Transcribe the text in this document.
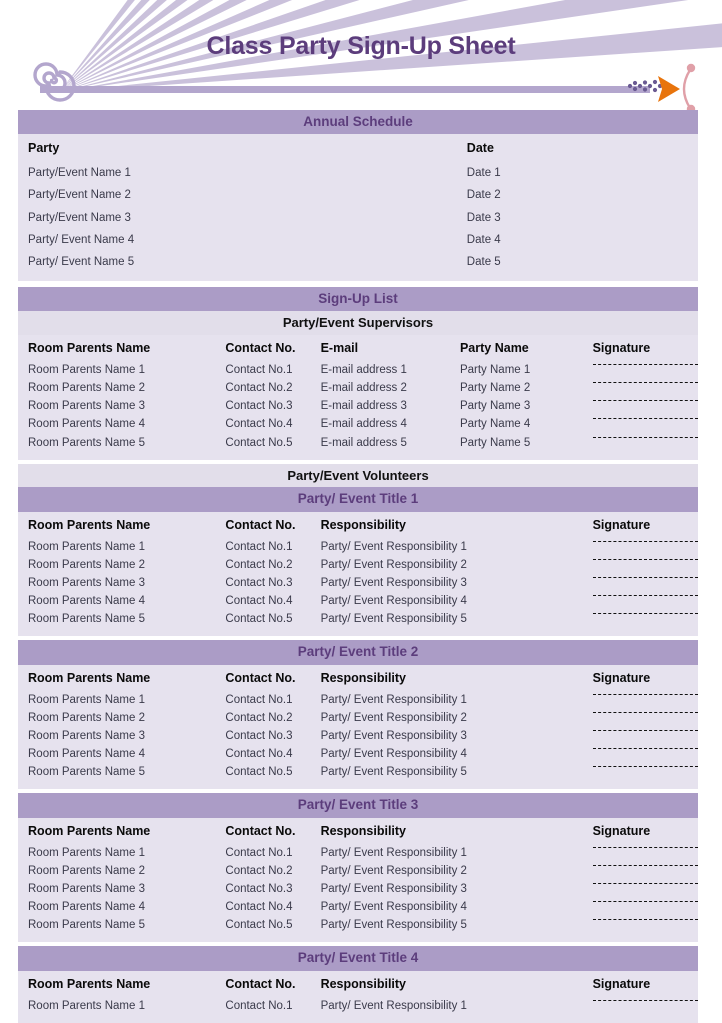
Class Party Sign-Up Sheet
Annual Schedule
Party	Date
Party/Event Name 1	Date 1
Party/Event Name 2	Date 2
Party/Event Name 3	Date 3
Party/ Event Name 4	Date 4
Party/ Event Name 5	Date 5
Sign-Up List
Party/Event Supervisors
Room Parents Name	Contact No.	E-mail	Party Name	Signature
Room Parents Name 1	Contact No.1	E-mail address 1	Party Name 1	

Room Parents Name 2	Contact No.2	E-mail address 2	Party Name 2	

Room Parents Name 3	Contact No.3	E-mail address 3	Party Name 3	

Room Parents Name 4	Contact No.4	E-mail address 4	Party Name 4	

Room Parents Name 5	Contact No.5	E-mail address 5	Party Name 5	
Party/Event Volunteers
Party/ Event Title 1
Room Parents Name	Contact No.	Responsibility	Signature
Room Parents Name 1	Contact No.1	Party/ Event Responsibility 1	

Room Parents Name 2	Contact No.2	Party/ Event Responsibility 2	

Room Parents Name 3	Contact No.3	Party/ Event Responsibility 3	

Room Parents Name 4	Contact No.4	Party/ Event Responsibility 4	

Room Parents Name 5	Contact No.5	Party/ Event Responsibility 5	
Party/ Event Title 2
Room Parents Name	Contact No.	Responsibility	Signature
Room Parents Name 1	Contact No.1	Party/ Event Responsibility 1	

Room Parents Name 2	Contact No.2	Party/ Event Responsibility 2	

Room Parents Name 3	Contact No.3	Party/ Event Responsibility 3	

Room Parents Name 4	Contact No.4	Party/ Event Responsibility 4	

Room Parents Name 5	Contact No.5	Party/ Event Responsibility 5	
Party/ Event Title 3
Room Parents Name	Contact No.	Responsibility	Signature
Room Parents Name 1	Contact No.1	Party/ Event Responsibility 1	

Room Parents Name 2	Contact No.2	Party/ Event Responsibility 2	

Room Parents Name 3	Contact No.3	Party/ Event Responsibility 3	

Room Parents Name 4	Contact No.4	Party/ Event Responsibility 4	

Room Parents Name 5	Contact No.5	Party/ Event Responsibility 5	
Party/ Event Title 4
Room Parents Name	Contact No.	Responsibility	Signature
Room Parents Name 1	Contact No.1	Party/ Event Responsibility 1	
